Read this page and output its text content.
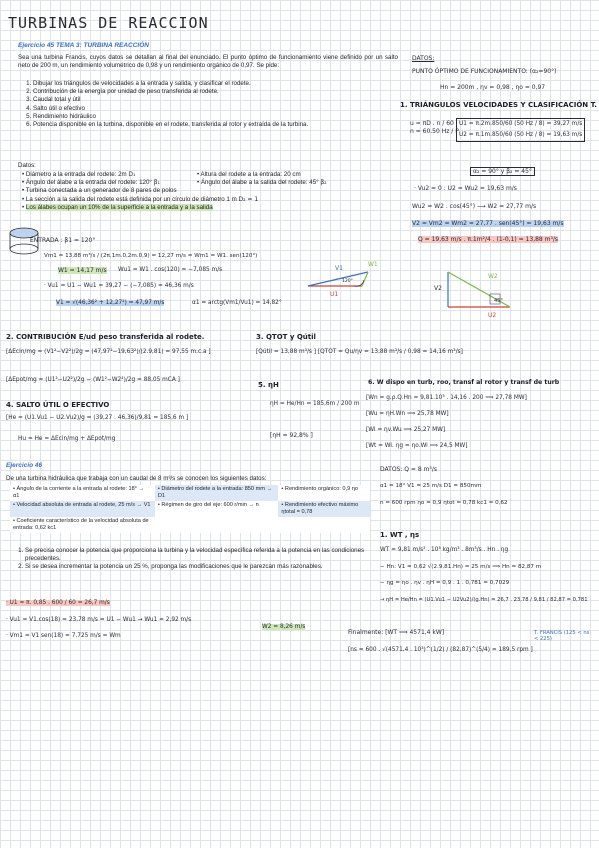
TURBINAS DE REACCION
Ejercicio 45 TEMA 3: TURBINA REACCIÓN
Sea una turbina Francis, cuyos datos se detallan al final del enunciado. El punto óptimo de funcionamiento viene definido por un salto neto de 200 m, un rendimiento volumétrico de 0,98 y un rendimiento orgánico de 0,97. Se pide:
1. Dibujar los triángulos de velocidades a la entrada y salida, y clasificar el rodete.
2. Contribución de la energía por unidad de peso transferida al rodete.
3. Caudal total y útil
4. Salto útil o efectivo
5. Rendimiento hidráulico
6. Potencia disponible en la turbina, disponible en el rodete, transferida al rotor y extraída de la turbina.
Datos:
• Diámetro a la entrada del rodete: 2m D₁	• Altura del rodete a la entrada: 20 cm
• Ángulo del álabe a la entrada del rodete: 120° β₁	• Ángulo del álabe a la salida del rodete: 45° β₂
• Turbina conectada a un generador de 8 pares de polos
• La sección a la salida del rodete está definida por un círculo de diámetro 1 m D₂ = 1
• Los álabes ocupan un 10% de la superficie a la entrada y a la salida
DATOS:
PUNTO ÓPTIMO DE FUNCIONAMIENTO: (α₂=90°)
Hn = 200m , ηv = 0,98 , ηo = 0,97
1. TRIÁNGULOS VELOCIDADES Y CLASIFICACIÓN T.
u = πD . n / 60
n = 60.50 Hz / P
U1 = π.2m.850/60 (50 Hz / 8) = 39,27 m/s
U2 = π.1m.850/60 (50 Hz / 8) = 19,63 m/s
α₂ = 90° y β₂ = 45°
· Vu2 = 0 : U2 = Wu2 = 19,63 m/s
Wu2 = W2 . cos(45°) ⟶ W2 = 27,77 m/s
V2 = Vm2 = Wm2 = 27,77 . sen(45°) = 19,63 m/s
Q = 19,63 m/s . π.1m²/4 . (1-0,1) = 13,88 m³/s
ENTRADA : β1 = 120°
Vm1 = 13,88 m³/s / (2π.1m.0,2m.0,9) = 12,27 m/s = Wm1 = W1. sen(120°)
W1 = 14,17 m/s Wu1 = W1 . cos(120) = −7,085 m/s
· Vu1 = U1 − Wu1 = 39,27 − (−7,085) = 46,36 m/s
V1 = √(46,36² + 12,27²) = 47,97 m/s	α1 = arctg(Vm1/Vu1) = 14,82°
U1
V1
W1
120°
V2
W2
U2
45°
2. CONTRIBUCIÓN E/ud peso transferida al rodete.
[ΔEcin/mg = (V1²−V2²)/2g = (47,97²−19,63²)/(2.9,81) = 97,55 m.c.a ]
[ΔEpot/mg = (U1²−U2²)/2g − (W1²−W2²)/2g = 88,05 mCA ]
3. QTOT y Qútil
[Qútil = 13,88 m³/s ] [QTOT = Qu/ηv = 13,88 m³/s / 0,98 = 14,16 m³/s]
4. SALTO ÚTIL O EFECTIVO
[He = (U1.Vu1 − U2.Vu2)/g = (39,27 . 46,36)/9,81 = 185,6 m ]
Hu = He = ΔEcin/mg + ΔEpot/mg
5. ηH
ηH = He/Hn = 185,6m / 200 m
[ηH = 92,8% ]
6. W dispo en turb, roo, transf al rotor y transf de turb
[Wn = g.ρ.Q.Hn = 9,81.10³ . 14,16 . 200 ⟹ 27,78 MW]
[Wu = ηH.Wn ⟹ 25,78 MW]
[Wi = ηv.Wu ⟹ 25,27 MW]
[Wt = Wi. ηg = ηo.Wi ⟹ 24,5 MW]
Ejercicio 46
De una turbina hidráulica que trabaja con un caudal de 8 m³/s se conocen los siguientes datos:
• Ángulo de la corriente a la entrada al rodete: 18° → α1	• Diámetro del rodete a la entrada: 850 mm → D1	• Rendimiento orgánico: 0,9 ηo
• Velocidad absoluta de entrada al rodete, 25 m/s → V1	• Régimen de giro del eje: 600 r/min → n	• Rendimiento efectivo máximo ηtotal = 0,78
• Coeficiente característico de la velocidad absoluta de entrada: 0,62 kc1		
1. Se precisa conocer la potencia que proporciona la turbina y la velocidad específica referida a la potencia en las condiciones precedentes.
2. Si se desea incrementar la potencia un 25 %, proponga las modificaciones que le parezcan más razonables.
· U1 = π. 0,85 . 600 / 60 = 26,7 m/s
· Vu1 = V1.cos(18) = 23,78 m/s = U1 − Wu1 → Wu1 = 2,92 m/s
· Vm1 = V1 sen(18) = 7,725 m/s = Wm
W2 = 8,26 m/s
DATOS: Q = 8 m³/s
α1 = 18° V1 = 25 m/s D1 = 850mm
n = 600 rpm ηo = 0,9 ηtot = 0,78 kc1 = 0,62
1. WT , ηs
WT = 9,81 m/s² . 10³ kg/m³ . 8m³/s . Hn . ηg
− Hn: V1 = 0,62 √(2.9,81.Hn) = 25 m/s ⟹ Hn = 82,87 m
− ηg = ηo . ηv . ηH = 0,9 . 1 . 0,781 = 0,7029
→ ηH = He/Hn = (U1.Vu1 − U2Vu2)/(g.Hn) = 26,7 . 23,78 / 9,81 / 82,87 = 0,781
Finalmente: [WT ⟹ 4571,4 kW]
[ns = 600 . √(4571,4 . 10³)^(1/2) / (82,87)^(5/4) = 189,5 rpm ]
T. FRANCIS (125 < ns < 225)
